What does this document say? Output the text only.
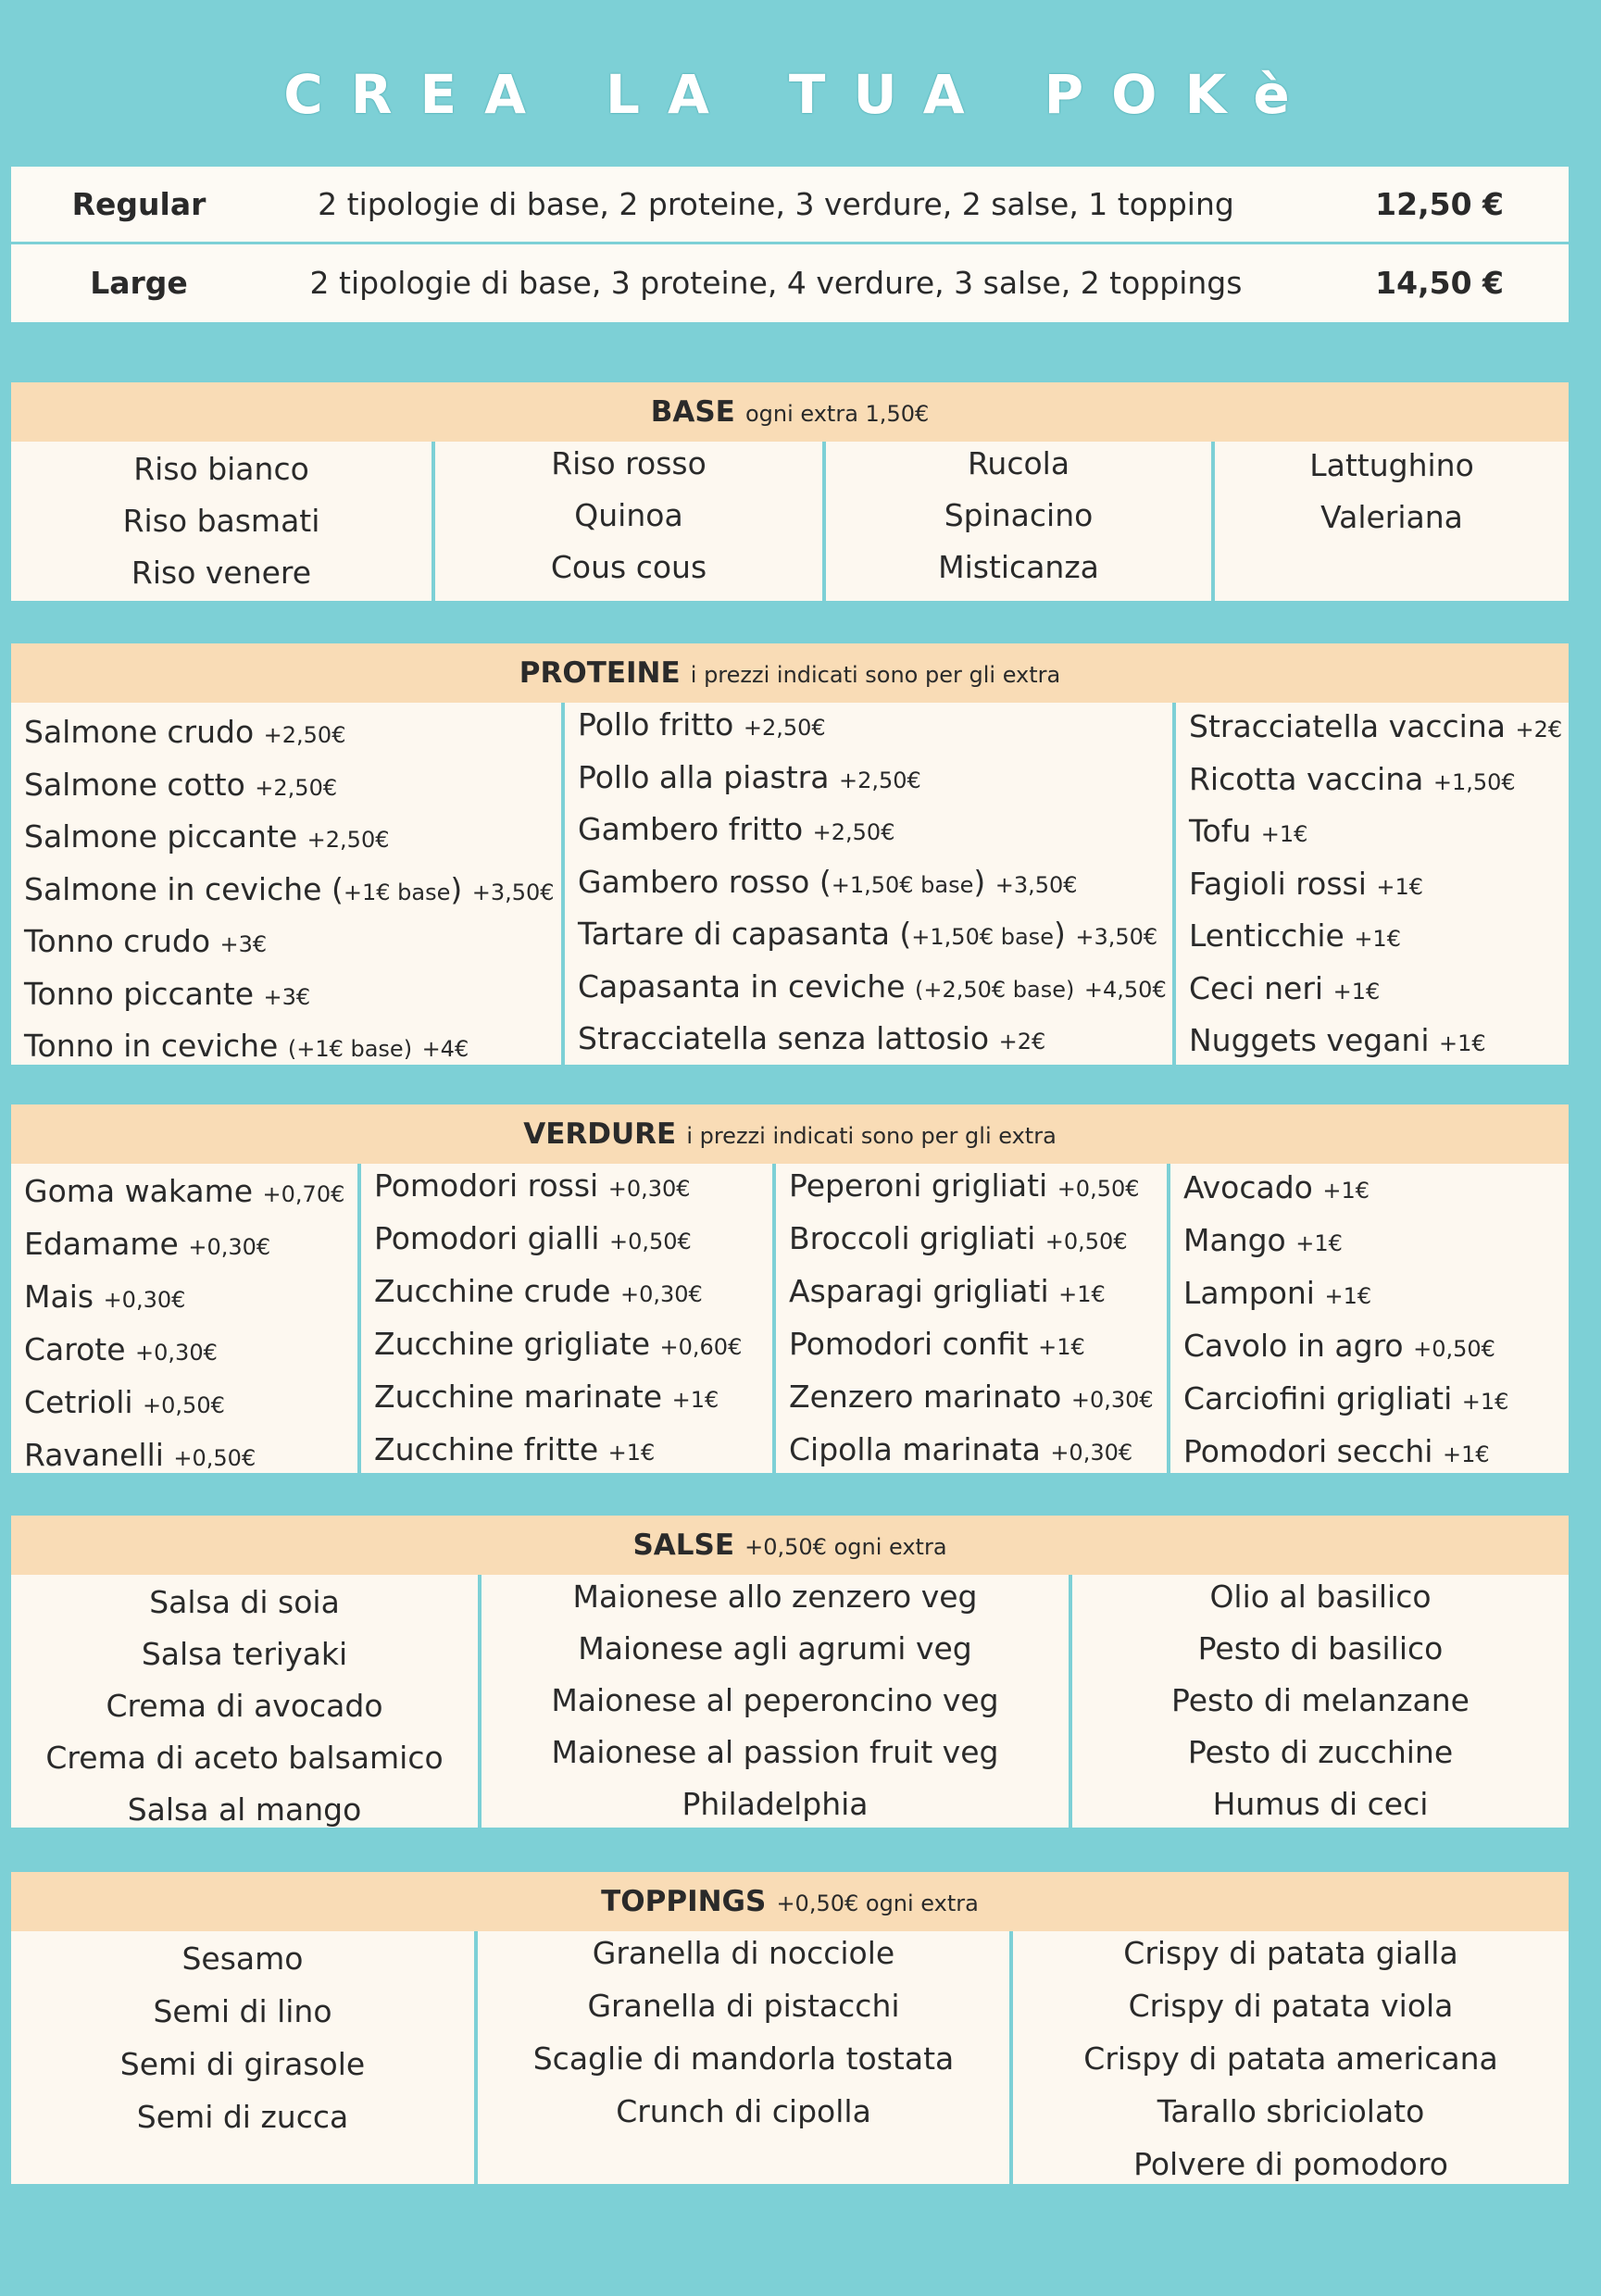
CREA LA TUA POKè
Regular	2 tipologie di base, 2 proteine, 3 verdure, 2 salse, 1 topping	12,50 €
Large	2 tipologie di base, 3 proteine, 4 verdure, 3 salse, 2 toppings	14,50 €
BASE ogni extra 1,50€
Riso bianco
Riso basmati
Riso venere
Riso rosso
Quinoa
Cous cous
Rucola
Spinacino
Misticanza
Lattughino
Valeriana
PROTEINE i prezzi indicati sono per gli extra
Salmone crudo +2,50€
Salmone cotto +2,50€
Salmone piccante +2,50€
Salmone in ceviche (+1€ base) +3,50€
Tonno crudo +3€
Tonno piccante +3€
Tonno in ceviche (+1€ base) +4€
Pollo fritto +2,50€
Pollo alla piastra +2,50€
Gambero fritto +2,50€
Gambero rosso (+1,50€ base) +3,50€
Tartare di capasanta (+1,50€ base) +3,50€
Capasanta in ceviche (+2,50€ base) +4,50€
Stracciatella senza lattosio +2€
Stracciatella vaccina +2€
Ricotta vaccina +1,50€
Tofu +1€
Fagioli rossi +1€
Lenticchie +1€
Ceci neri +1€
Nuggets vegani +1€
VERDURE i prezzi indicati sono per gli extra
Goma wakame +0,70€
Edamame +0,30€
Mais +0,30€
Carote +0,30€
Cetrioli +0,50€
Ravanelli +0,50€
Pomodori rossi +0,30€
Pomodori gialli +0,50€
Zucchine crude +0,30€
Zucchine grigliate +0,60€
Zucchine marinate +1€
Zucchine fritte +1€
Peperoni grigliati +0,50€
Broccoli grigliati +0,50€
Asparagi grigliati +1€
Pomodori confit +1€
Zenzero marinato +0,30€
Cipolla marinata +0,30€
Avocado +1€
Mango +1€
Lamponi +1€
Cavolo in agro +0,50€
Carciofini grigliati +1€
Pomodori secchi +1€
SALSE +0,50€ ogni extra
Salsa di soia
Salsa teriyaki
Crema di avocado
Crema di aceto balsamico
Salsa al mango
Maionese allo zenzero veg
Maionese agli agrumi veg
Maionese al peperoncino veg
Maionese al passion fruit veg
Philadelphia
Olio al basilico
Pesto di basilico
Pesto di melanzane
Pesto di zucchine
Humus di ceci
TOPPINGS +0,50€ ogni extra
Sesamo
Semi di lino
Semi di girasole
Semi di zucca
Granella di nocciole
Granella di pistacchi
Scaglie di mandorla tostata
Crunch di cipolla
Crispy di patata gialla
Crispy di patata viola
Crispy di patata americana
Tarallo sbriciolato
Polvere di pomodoro
